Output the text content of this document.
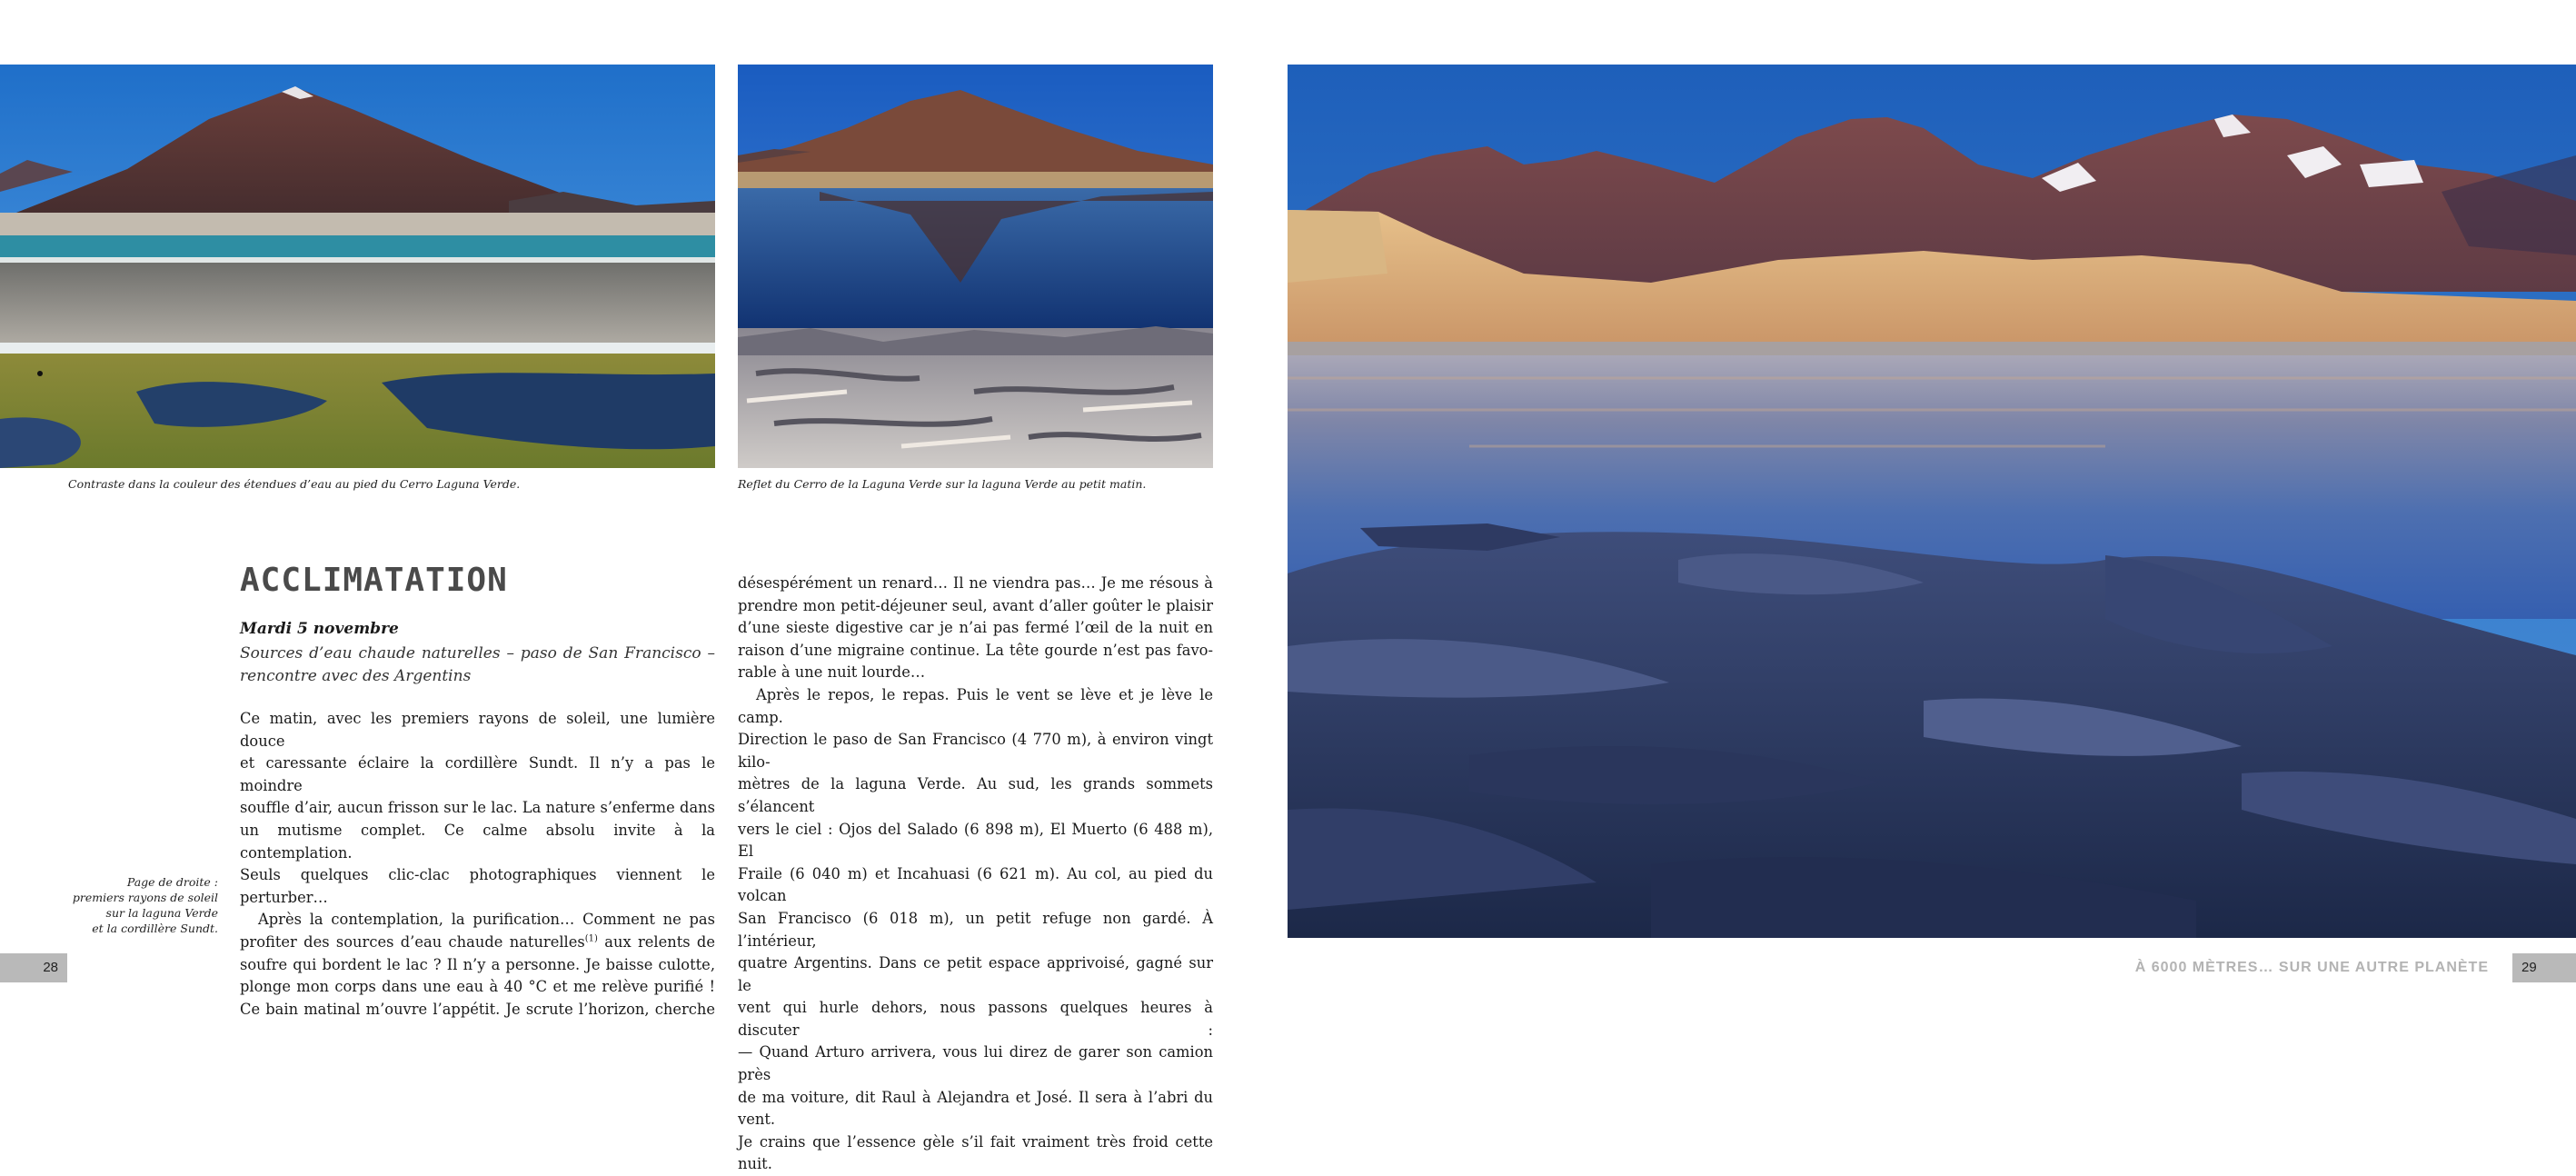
Contraste dans la couleur des étendues d’eau au pied du Cerro Laguna Verde.	Reflet du Cerro de la Laguna Verde sur la laguna Verde au petit matin.
Page de droite :
premiers rayons de soleil
sur la laguna Verde
et la cordillère Sundt.
ACCLIMATATION
Mardi 5 novembre
Sources d’eau chaude naturelles – paso de San Francisco – rencontre avec des Argentins

Ce matin, avec les premiers rayons de soleil, une lumière douce

et caressante éclaire la cordillère Sundt. Il n’y a pas le moindre

souffle d’air, aucun frisson sur le lac. La nature s’enferme dans

un mutisme complet. Ce calme absolu invite à la contemplation.

Seuls quelques clic-clac photographiques viennent le perturber…

Après la contemplation, la purification… Comment ne pas

profiter des sources d’eau chaude naturelles$^{(1)}$ aux relents de

soufre qui bordent le lac ? Il n’y a personne. Je baisse culotte,

plonge mon corps dans une eau à 40 °C et me relève purifié !

Ce bain matinal m’ouvre l’appétit. Je scrute l’horizon, cherche

désespérément un renard… Il ne viendra pas… Je me résous à

prendre mon petit-déjeuner seul, avant d’aller goûter le plaisir

d’une sieste digestive car je n’ai pas fermé l’œil de la nuit en

raison d’une migraine continue. La tête gourde n’est pas favo-

rable à une nuit lourde…

Après le repos, le repas. Puis le vent se lève et je lève le camp.

Direction le paso de San Francisco (4 770 m), à environ vingt kilo-

mètres de la laguna Verde. Au sud, les grands sommets s’élancent

vers le ciel : Ojos del Salado (6 898 m), El Muerto (6 488 m), El

Fraile (6 040 m) et Incahuasi (6 621 m). Au col, au pied du volcan

San Francisco (6 018 m), un petit refuge non gardé. À l’intérieur,

quatre Argentins. Dans ce petit espace apprivoisé, gagné sur le

vent qui hurle dehors, nous passons quelques heures à discuter :

— Quand Arturo arrivera, vous lui direz de garer son camion près

de ma voiture, dit Raul à Alejandra et José. Il sera à l’abri du vent.

Je crains que l’essence gèle s’il fait vraiment très froid cette nuit.

28	À 6000 MÈTRES… SUR UNE AUTRE PLANÈTE	29
